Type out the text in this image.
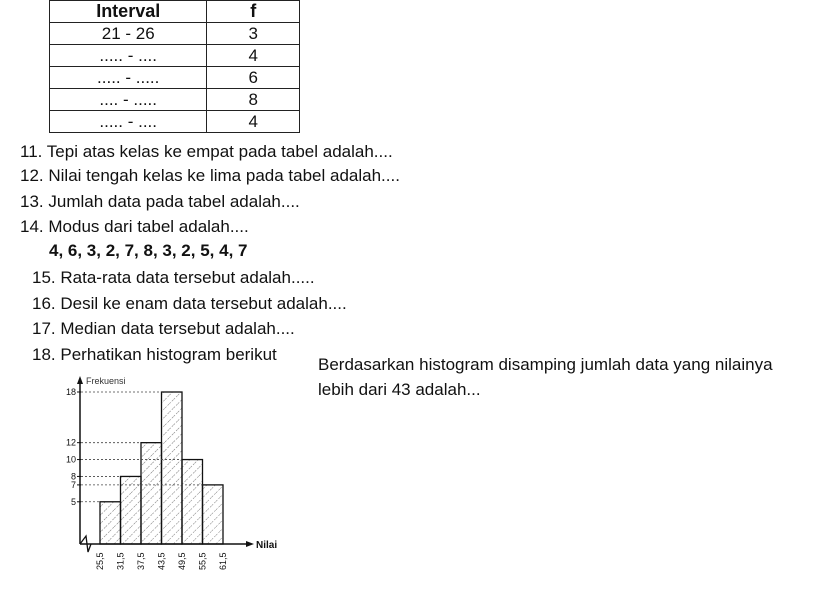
Interval	f
21 - 26	3
..... - ....	4
..... - .....	6
.... - .....	8
..... - ....	4
11. Tepi atas kelas ke empat pada tabel adalah....
12. Nilai tengah kelas ke lima pada tabel adalah....
13. Jumlah data pada tabel adalah....
14. Modus dari tabel adalah....
4, 6, 3, 2, 7, 8, 3, 2, 5, 4, 7
15. Rata-rata data tersebut adalah.....
16. Desil ke enam data tersebut adalah....
17. Median data tersebut adalah....
18. Perhatikan histogram berikut
Berdasarkan histogram disamping jumlah data yang nilainya lebih dari 43 adalah...
Frekuensi
Nilai
5
7
8
10
12
18
25,5 31,5 37,5 43,5 49,5 55,5 61,5
